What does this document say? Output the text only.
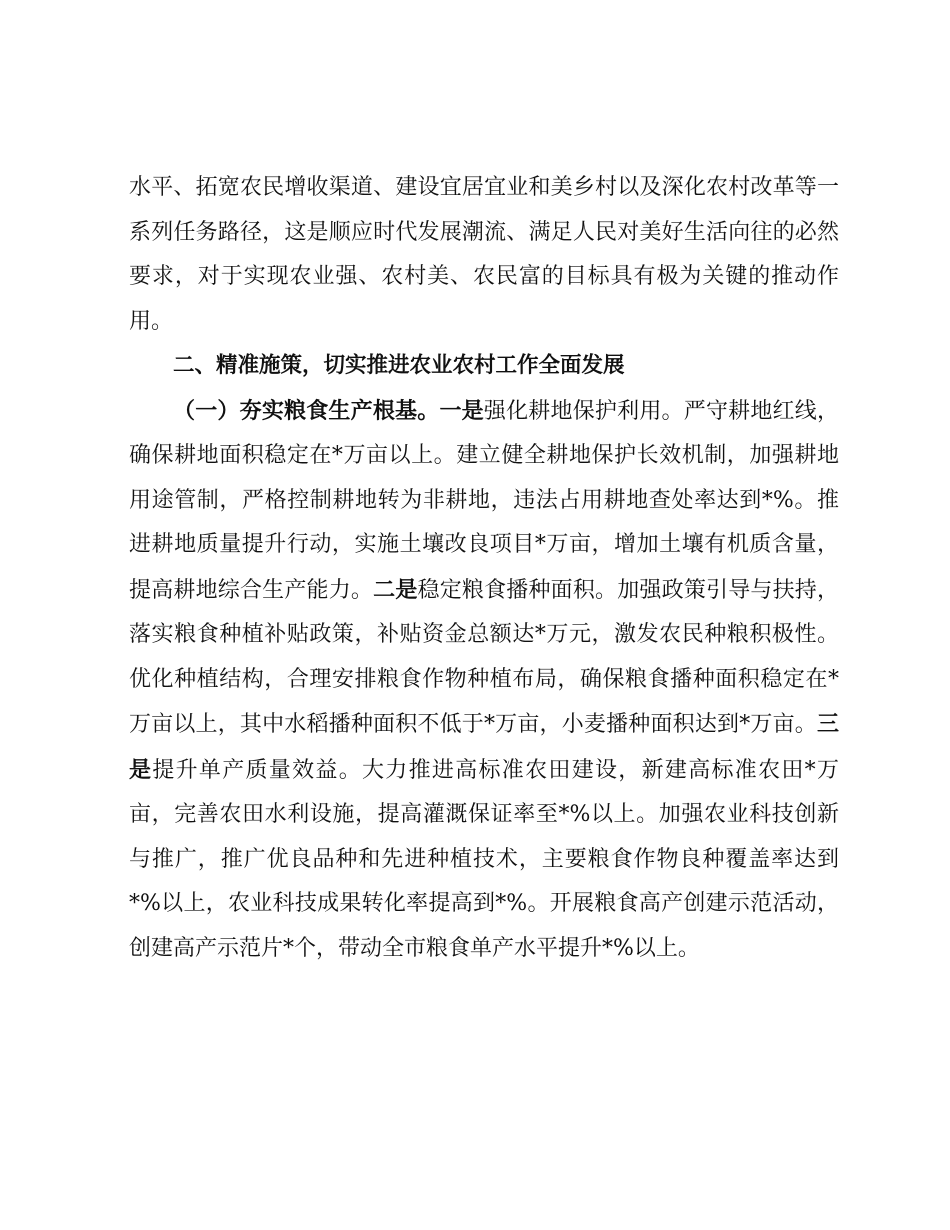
水平、拓宽农民增收渠道、建设宜居宜业和美乡村以及深化农村改革等一系列任务路径，这是顺应时代发展潮流、满足人民对美好生活向往的必然要求，对于实现农业强、农村美、农民富的目标具有极为关键的推动作用。

二、精准施策，切实推进农业农村工作全面发展

（一）夯实粮食生产根基。一是强化耕地保护利用。严守耕地红线，确保耕地面积稳定在*万亩以上。建立健全耕地保护长效机制，加强耕地用途管制，严格控制耕地转为非耕地，违法占用耕地查处率达到*%。推进耕地质量提升行动，实施土壤改良项目*万亩，增加土壤有机质含量，提高耕地综合生产能力。二是稳定粮食播种面积。加强政策引导与扶持，落实粮食种植补贴政策，补贴资金总额达*万元，激发农民种粮积极性。优化种植结构，合理安排粮食作物种植布局，确保粮食播种面积稳定在*万亩以上，其中水稻播种面积不低于*万亩，小麦播种面积达到*万亩。三是提升单产质量效益。大力推进高标准农田建设，新建高标准农田*万亩，完善农田水利设施，提高灌溉保证率至*%以上。加强农业科技创新与推广，推广优良品种和先进种植技术，主要粮食作物良种覆盖率达到*%以上，农业科技成果转化率提高到*%。开展粮食高产创建示范活动，创建高产示范片*个，带动全市粮食单产水平提升*%以上。
